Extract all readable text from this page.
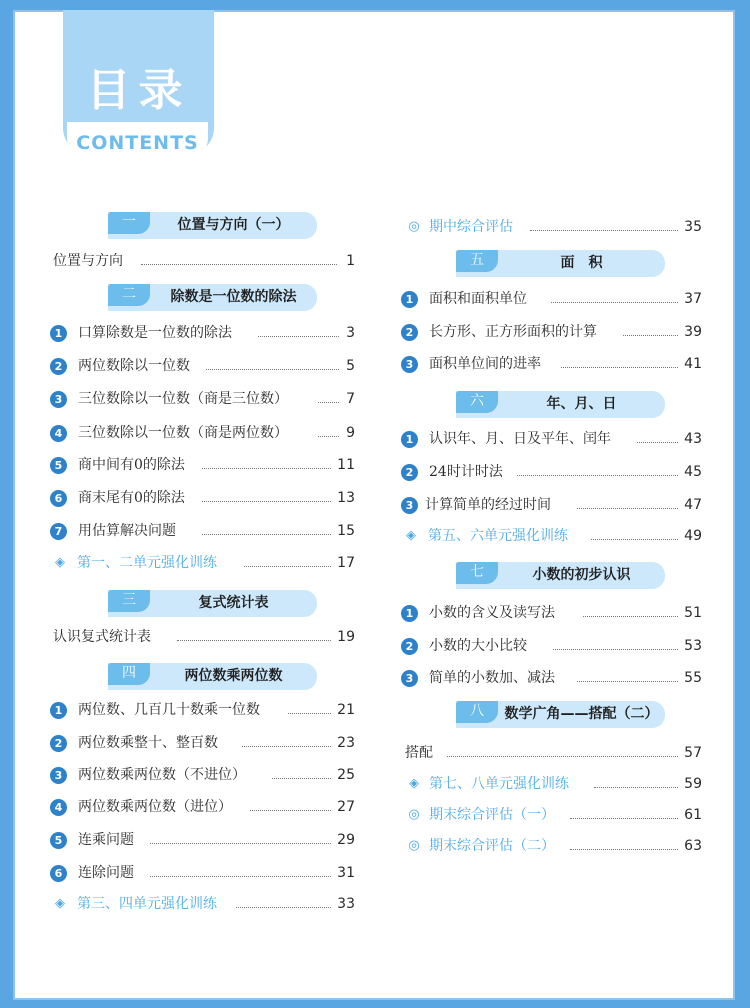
目录
CONTENTS
一	位置与方向（一）
位置与方向	1
二	除数是一位数的除法
1	口算除数是一位数的除法	3
2	两位数除以一位数	5
3	三位数除以一位数（商是三位数）	7
4	三位数除以一位数（商是两位数）	9
5	商中间有0的除法	11
6	商末尾有0的除法	13
7	用估算解决问题	15
◈ 第一、二单元强化训练	17
三	复式统计表
认识复式统计表	19
四	两位数乘两位数
1	两位数、几百几十数乘一位数	21
2	两位数乘整十、整百数	23
3	两位数乘两位数（不进位）	25
4	两位数乘两位数（进位）	27
5	连乘问题	29
6	连除问题	31
◈ 第三、四单元强化训练	33
◎ 期中综合评估	35
五	面　积
1	面积和面积单位	37
2	长方形、正方形面积的计算	39
3	面积单位间的进率	41
六	年、月、日
1	认识年、月、日及平年、闰年	43
2	24时计时法	45
3 计算简单的经过时间	47
◈ 第五、六单元强化训练	49
七	小数的初步认识
1	小数的含义及读写法	51
2	小数的大小比较	53
3	简单的小数加、减法	55
八	数学广角——搭配（二）
搭配	57
◈ 第七、八单元强化训练	59
◎ 期末综合评估（一）	61
◎ 期末综合评估（二）	63
